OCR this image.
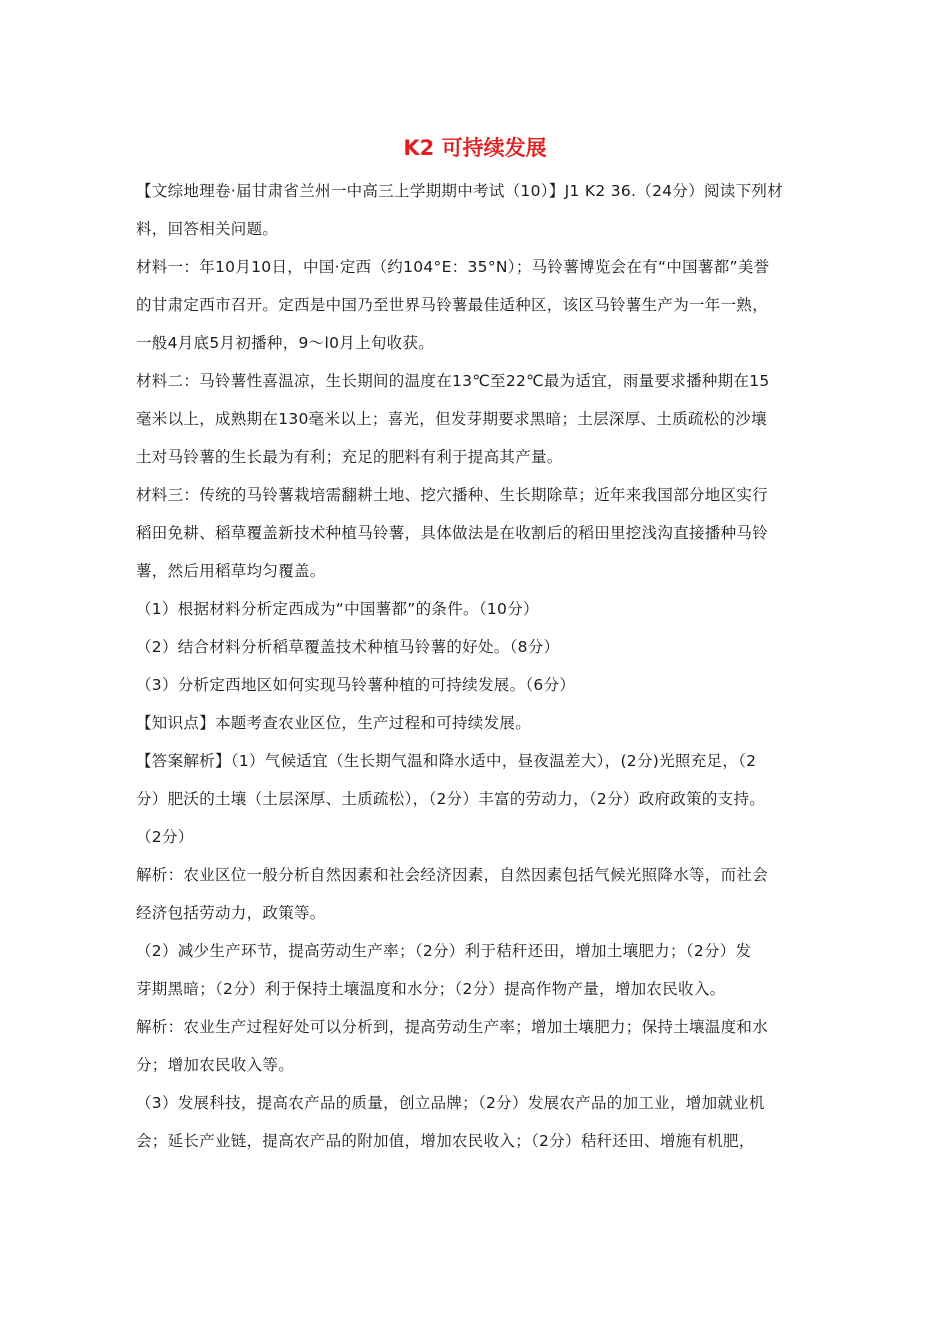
K2 可持续发展

【文综地理卷·届甘肃省兰州一中高三上学期期中考试（10）】J1 K2 36.（24分）阅读下列材

料，回答相关问题。

材料一：年10月10日，中国·定西（约104°E：35°N）；马铃薯博览会在有“中国薯都”美誉

的甘肃定西市召开。定西是中国乃至世界马铃薯最佳适种区，该区马铃薯生产为一年一熟，

一般4月底5月初播种，9～l0月上旬收获。

材料二：马铃薯性喜温凉，生长期间的温度在13℃至22℃最为适宜，雨量要求播种期在15

毫米以上，成熟期在130毫米以上；喜光，但发芽期要求黑暗；土层深厚、土质疏松的沙壤

土对马铃薯的生长最为有利；充足的肥料有利于提高其产量。

材料三：传统的马铃薯栽培需翻耕土地、挖穴播种、生长期除草；近年来我国部分地区实行

稻田免耕、稻草覆盖新技术种植马铃薯，具体做法是在收割后的稻田里挖浅沟直接播种马铃

薯，然后用稻草均匀覆盖。

（1）根据材料分析定西成为“中国薯都”的条件。（10分）

（2）结合材料分析稻草覆盖技术种植马铃薯的好处。（8分）

（3）分析定西地区如何实现马铃薯种植的可持续发展。（6分）

【知识点】本题考查农业区位，生产过程和可持续发展。

【答案解析】（1）气候适宜（生长期气温和降水适中，昼夜温差大），(2分)光照充足，（2

分）肥沃的土壤（土层深厚、土质疏松），（2分）丰富的劳动力，（2分）政府政策的支持。

（2分）

解析：农业区位一般分析自然因素和社会经济因素，自然因素包括气候光照降水等，而社会

经济包括劳动力，政策等。

（2）减少生产环节，提高劳动生产率；（2分）利于秸秆还田，增加土壤肥力；（2分）发

芽期黑暗；（2分）利于保持土壤温度和水分；（2分）提高作物产量，增加农民收入。

解析：农业生产过程好处可以分析到，提高劳动生产率；增加土壤肥力；保持土壤温度和水

分；增加农民收入等。

（3）发展科技，提高农产品的质量，创立品牌；（2分）发展农产品的加工业，增加就业机

会；延长产业链，提高农产品的附加值，增加农民收入；（2分）秸秆还田、增施有机肥，
